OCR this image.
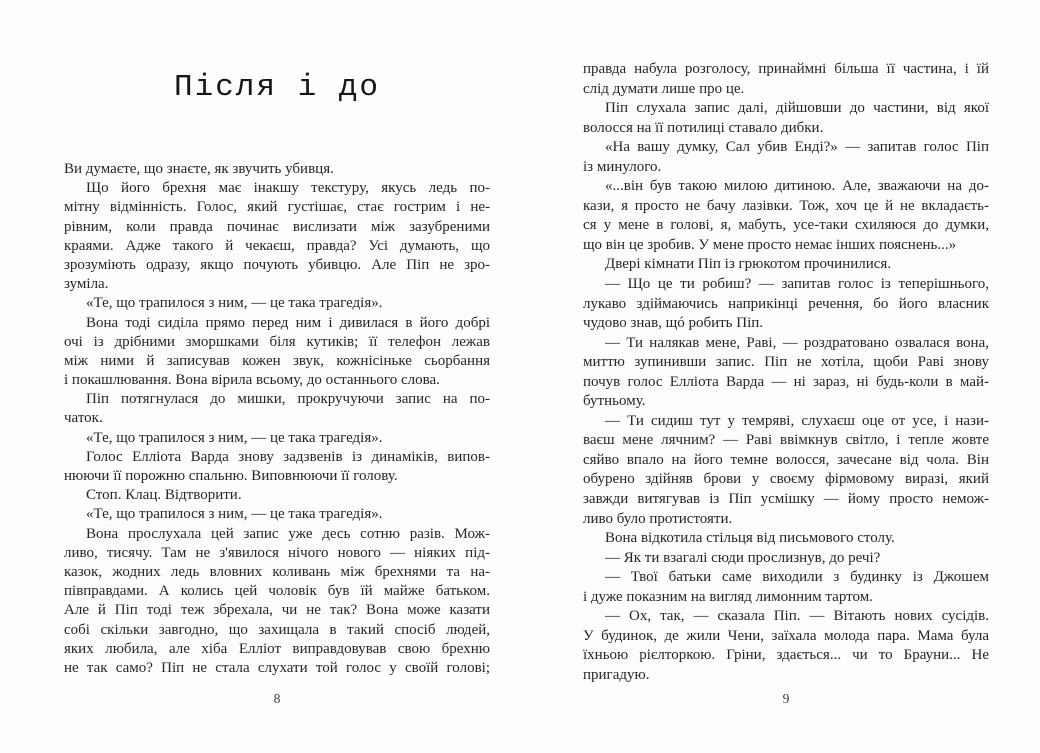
Після і до
Ви думаєте, що знаєте, як звучить убивця.
Що його брехня має інакшу текстуру, якусь ледь по-
мітну відмінність. Голос, який густішає, стає гострим і не-
рівним, коли правда починає вислизати між зазубреними
краями. Адже такого й чекаєш, правда? Усі думають, що
зрозуміють одразу, якщо почують убивцю. Але Піп не зро-
зуміла.
«Те, що трапилося з ним, — це така трагедія».
Вона тоді сиділа прямо перед ним і дивилася в його добрі
очі із дрібними зморшками біля кутиків; її телефон лежав
між ними й записував кожен звук, кожнісіньке сьорбання
і покашлювання. Вона вірила всьому, до останнього слова.
Піп потягнулася до мишки, прокручуючи запис на по-
чаток.
«Те, що трапилося з ним, — це така трагедія».
Голос Елліота Варда знову задзвенів із динаміків, випов-
нюючи її порожню спальню. Виповнюючи її голову.
Стоп. Клац. Відтворити.
«Те, що трапилося з ним, — це така трагедія».
Вона прослухала цей запис уже десь сотню разів. Мож-
ливо, тисячу. Там не з'явилося нічого нового — ніяких під-
казок, жодних ледь вловних коливань між брехнями та на-
півправдами. А колись цей чоловік був їй майже батьком.
Але й Піп тоді теж збрехала, чи не так? Вона може казати
собі скільки завгодно, що захищала в такий спосіб людей,
яких любила, але хіба Елліот виправдовував свою брехню
не так само? Піп не стала слухати той голос у своїй голові;
правда набула розголосу, принаймні більша її частина, і їй
слід думати лише про це.
Піп слухала запис далі, дійшовши до частини, від якої
волосся на її потилиці ставало дибки.
«На вашу думку, Сал убив Енді?» — запитав голос Піп
із минулого.
«...він був такою милою дитиною. Але, зважаючи на до-
кази, я просто не бачу лазівки. Тож, хоч це й не вкладаєть-
ся у мене в голові, я, мабуть, усе-таки схиляюся до думки,
що він це зробив. У мене просто немає інших пояснень...»
Двері кімнати Піп із грюкотом прочинилися.
— Що це ти робиш? — запитав голос із теперішнього,
лукаво здіймаючись наприкінці речення, бо його власник
чудово знав, щó робить Піп.
— Ти налякав мене, Раві, — роздратовано озвалася вона,
миттю зупинивши запис. Піп не хотіла, щоби Раві знову
почув голос Елліота Варда — ні зараз, ні будь-коли в май-
бутньому.
— Ти сидиш тут у темряві, слухаєш оце от усе, і нази-
ваєш мене лячним? — Раві ввімкнув світло, і тепле жовте
сяйво впало на його темне волосся, зачесане від чола. Він
обурено здійняв брови у своєму фірмовому виразі, який
завжди витягував із Піп усмішку — йому просто немож-
ливо було протистояти.
Вона відкотила стільця від письмового столу.
— Як ти взагалі сюди прослизнув, до речі?
— Твої батьки саме виходили з будинку із Джошем
і дуже показним на вигляд лимонним тартом.
— Ох, так, — сказала Піп. — Вітають нових сусідів.
У будинок, де жили Чени, заїхала молода пара. Мама була
їхньою рієлторкою. Гріни, здається... чи то Брауни... Не
пригадую.
8	9
